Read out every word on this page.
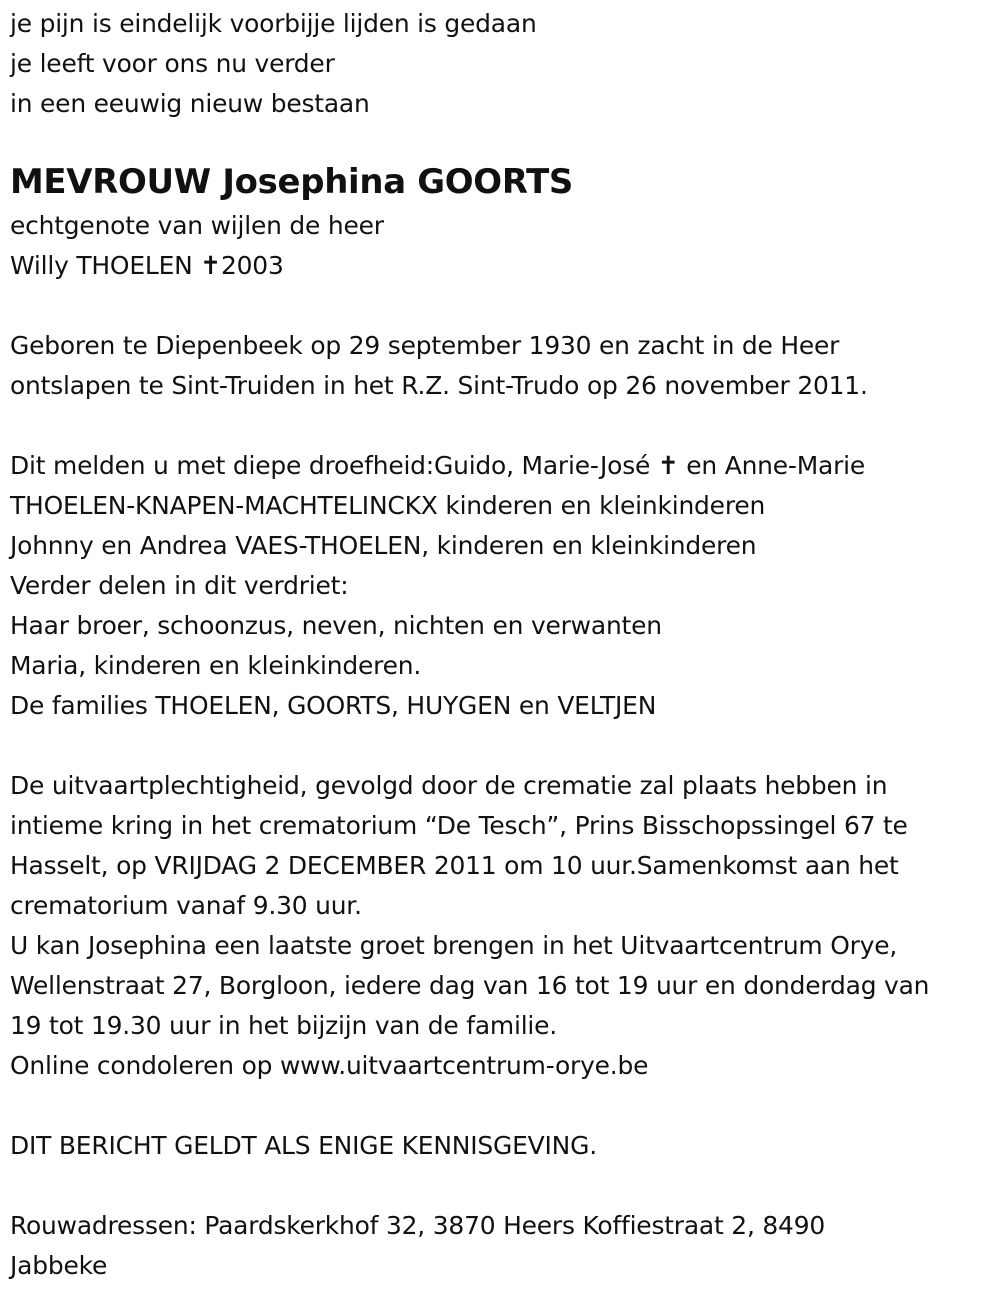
je pijn is eindelijk voorbijje lijden is gedaan
je leeft voor ons nu verder
in een eeuwig nieuw bestaan
MEVROUW Josephina GOORTS
echtgenote van wijlen de heer
Willy THOELEN ✝2003
Geboren te Diepenbeek op 29 september 1930 en zacht in de Heer
ontslapen te Sint-Truiden in het R.Z. Sint-Trudo op 26 november 2011.
Dit melden u met diepe droefheid:Guido, Marie-José ✝ en Anne-Marie
THOELEN-KNAPEN-MACHTELINCKX kinderen en kleinkinderen
Johnny en Andrea VAES-THOELEN, kinderen en kleinkinderen
Verder delen in dit verdriet:
Haar broer, schoonzus, neven, nichten en verwanten
Maria, kinderen en kleinkinderen.
De families THOELEN, GOORTS, HUYGEN en VELTJEN
De uitvaartplechtigheid, gevolgd door de crematie zal plaats hebben in
intieme kring in het crematorium “De Tesch”, Prins Bisschopssingel 67 te
Hasselt, op VRIJDAG 2 DECEMBER 2011 om 10 uur.Samenkomst aan het
crematorium vanaf 9.30 uur.
U kan Josephina een laatste groet brengen in het Uitvaartcentrum Orye,
Wellenstraat 27, Borgloon, iedere dag van 16 tot 19 uur en donderdag van
19 tot 19.30 uur in het bijzijn van de familie.
Online condoleren op www.uitvaartcentrum-orye.be
DIT BERICHT GELDT ALS ENIGE KENNISGEVING.
Rouwadressen: Paardskerkhof 32, 3870 Heers Koffiestraat 2, 8490
Jabbeke
